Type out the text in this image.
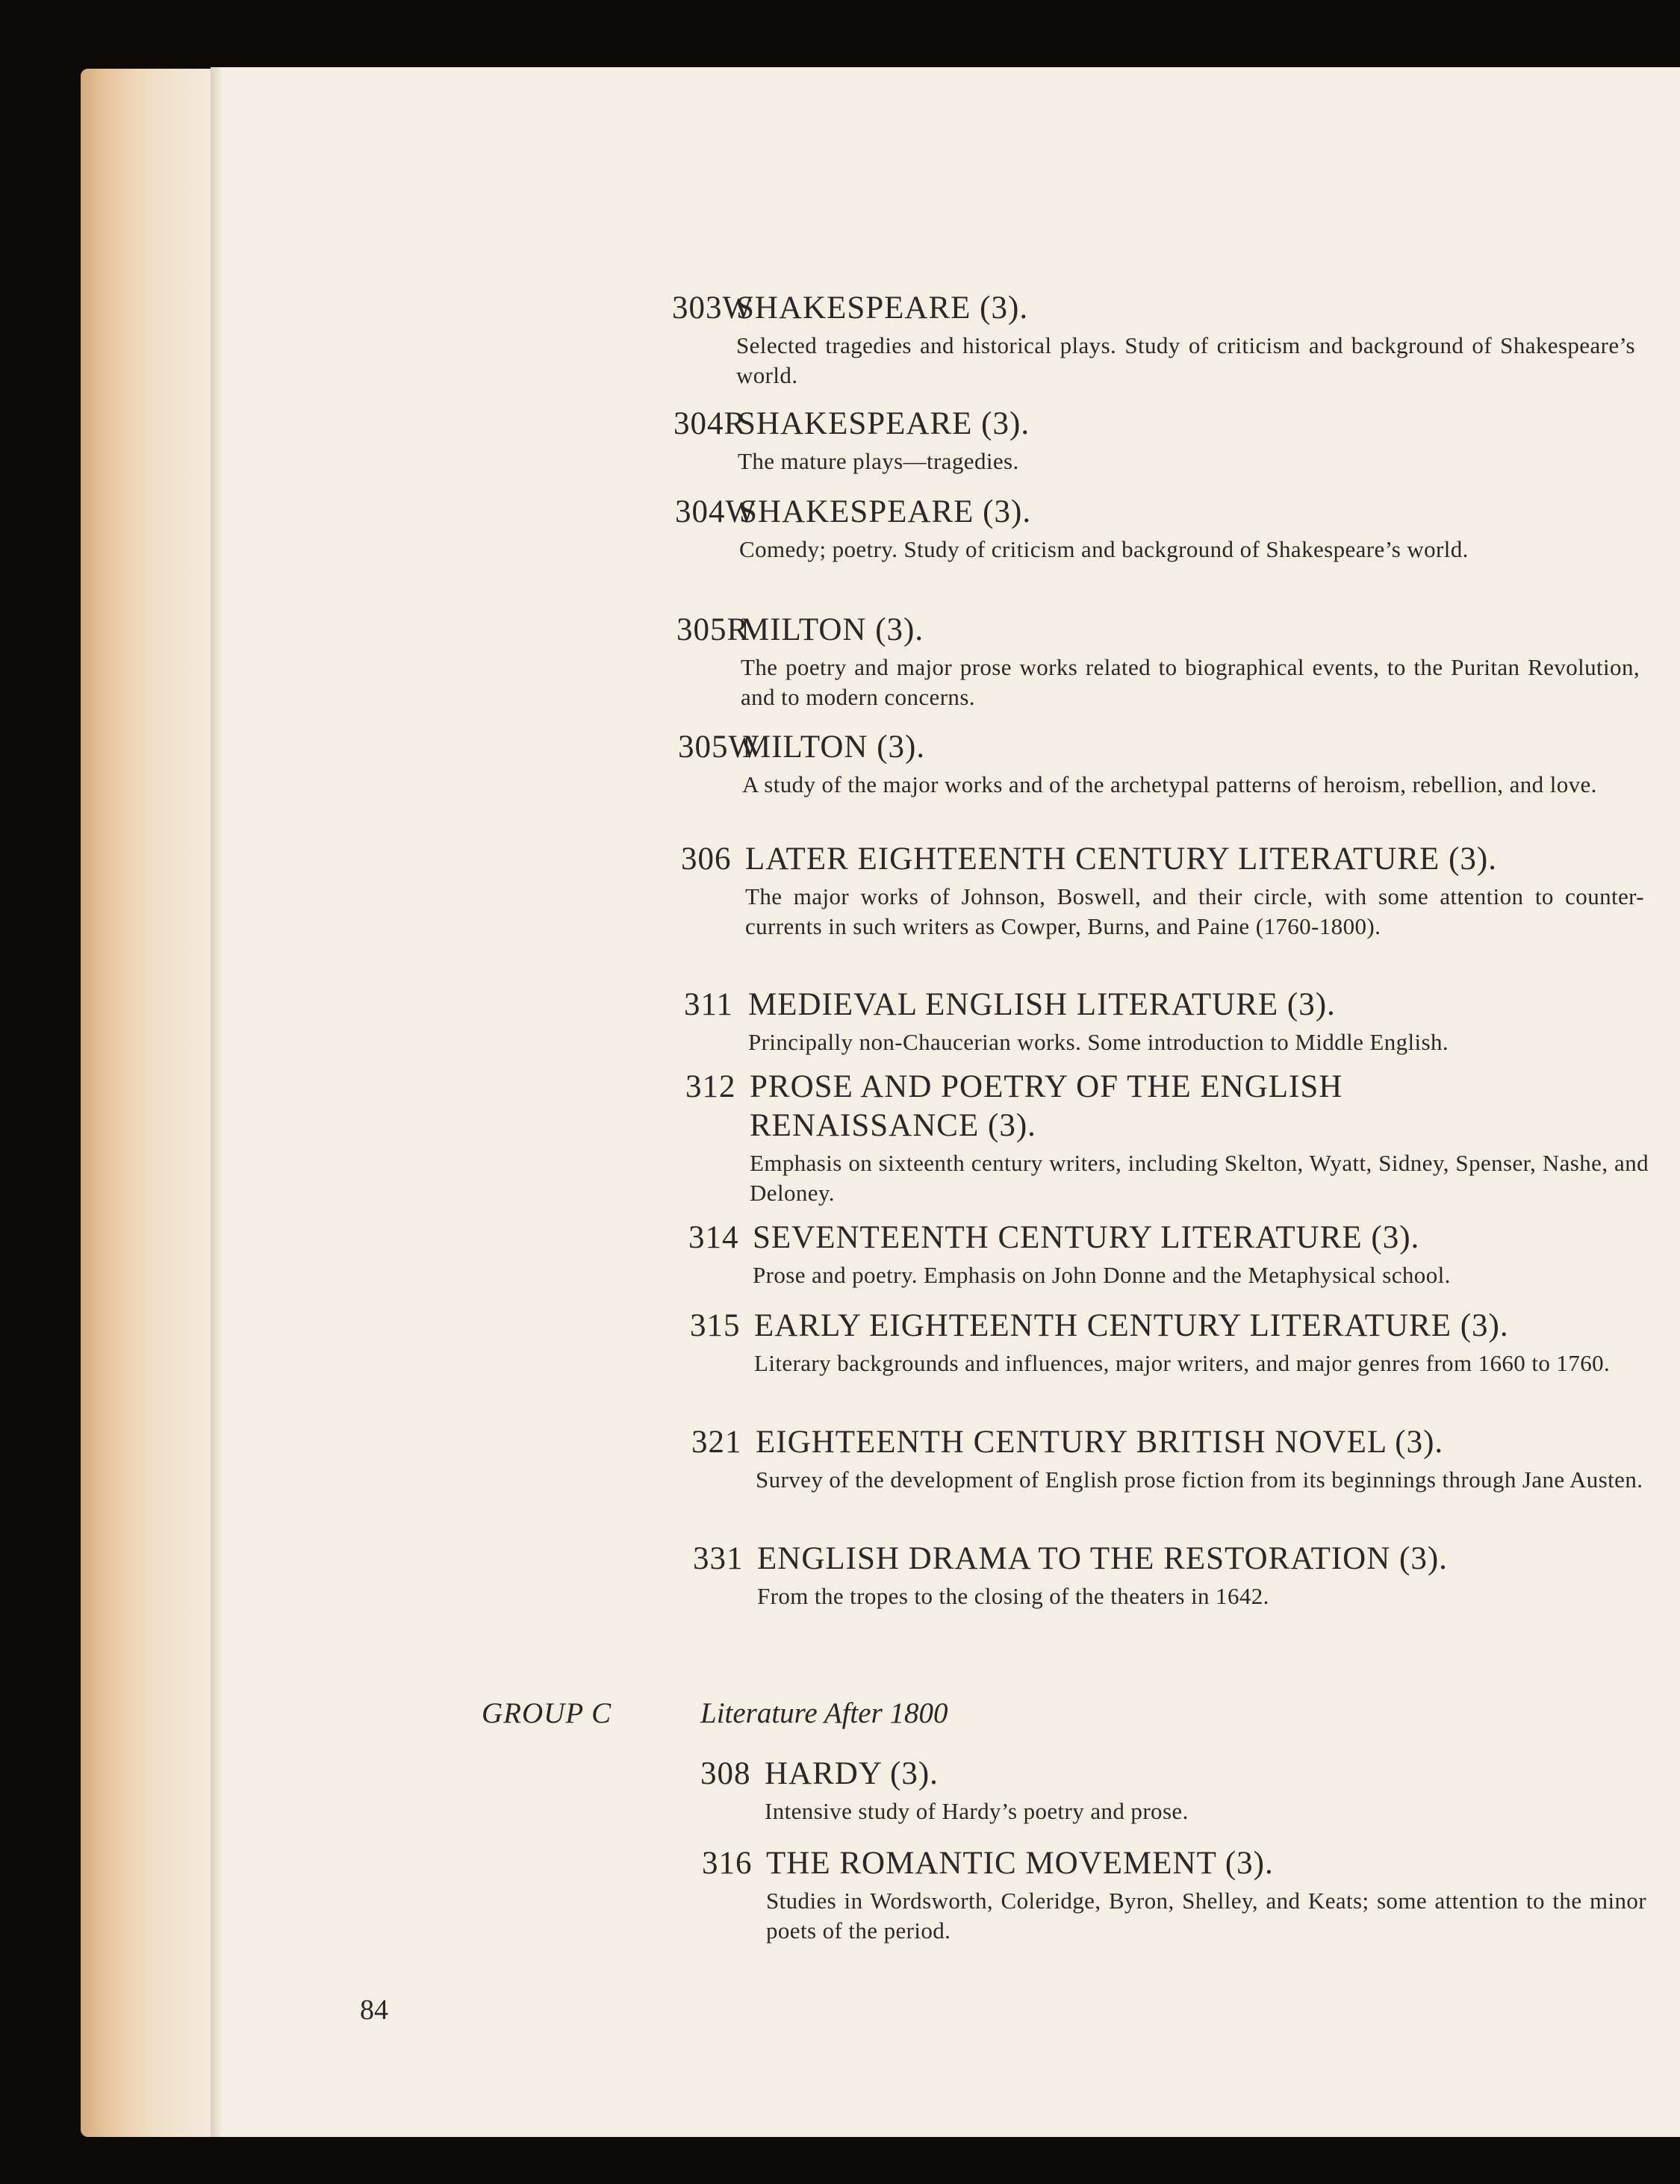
303W
SHAKESPEARE (3).
Selected tragedies and historical plays. Study of criticism and background of Shakespeare’s world.
304R
SHAKESPEARE (3).
The mature plays—tragedies.
304W
SHAKESPEARE (3).
Comedy; poetry. Study of criticism and background of Shakespeare’s world.
305R
MILTON (3).
The poetry and major prose works related to biographical events, to the Puritan Revolution, and to modern concerns.
305W
MILTON (3).
A study of the major works and of the archetypal patterns of heroism, rebellion, and love.
306 LATER EIGHTEENTH CENTURY LITERATURE (3).
The major works of Johnson, Boswell, and their circle, with some attention to counter-currents in such writers as Cowper, Burns, and Paine (1760-1800).
311 MEDIEVAL ENGLISH LITERATURE (3).
Principally non-Chaucerian works. Some introduction to Middle English.
312 PROSE AND POETRY OF THE ENGLISH RENAISSANCE (3).
Emphasis on sixteenth century writers, including Skelton, Wyatt, Sidney, Spenser, Nashe, and Deloney.
314 SEVENTEENTH CENTURY LITERATURE (3).
Prose and poetry. Emphasis on John Donne and the Metaphysical school.
315 EARLY EIGHTEENTH CENTURY LITERATURE (3).
Literary backgrounds and influences, major writers, and major genres from 1660 to 1760.
321 EIGHTEENTH CENTURY BRITISH NOVEL (3).
Survey of the development of English prose fiction from its beginnings through Jane Austen.
331 ENGLISH DRAMA TO THE RESTORATION (3).
From the tropes to the closing of the theaters in 1642.
GROUP C	Literature After 1800
308 HARDY (3).
Intensive study of Hardy’s poetry and prose.
316 THE ROMANTIC MOVEMENT (3).
Studies in Wordsworth, Coleridge, Byron, Shelley, and Keats; some attention to the minor poets of the period.
84
